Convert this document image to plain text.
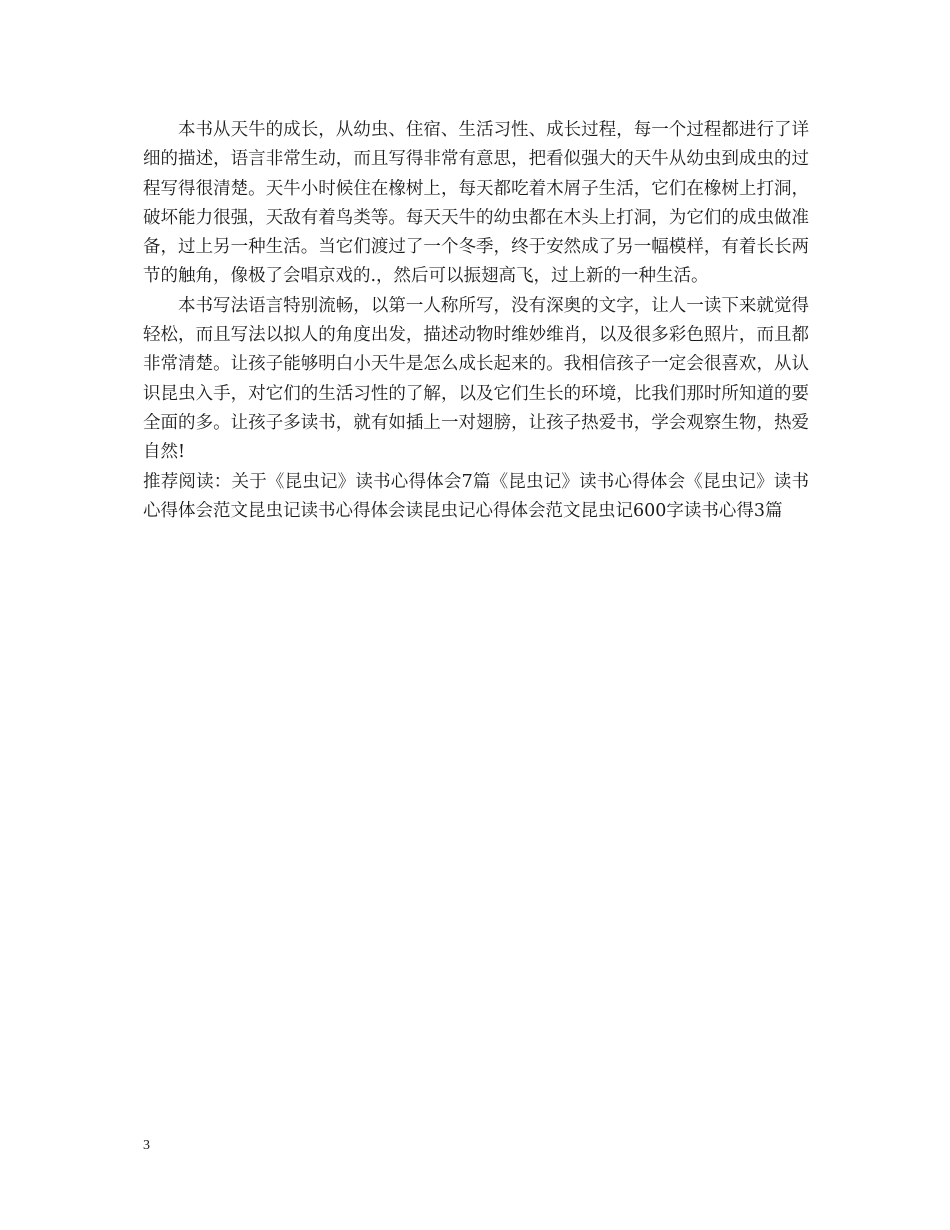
本书从天牛的成长，从幼虫、住宿、生活习性、成长过程，每一个过程都进行了详细的描述，语言非常生动，而且写得非常有意思，把看似强大的天牛从幼虫到成虫的过程写得很清楚。天牛小时候住在橡树上，每天都吃着木屑子生活，它们在橡树上打洞，破坏能力很强，天敌有着鸟类等。每天天牛的幼虫都在木头上打洞，为它们的成虫做准备，过上另一种生活。当它们渡过了一个冬季，终于安然成了另一幅模样，有着长长两节的触角，像极了会唱京戏的.，然后可以振翅高飞，过上新的一种生活。

本书写法语言特别流畅，以第一人称所写，没有深奥的文字，让人一读下来就觉得轻松，而且写法以拟人的角度出发，描述动物时维妙维肖，以及很多彩色照片，而且都非常清楚。让孩子能够明白小天牛是怎么成长起来的。我相信孩子一定会很喜欢，从认识昆虫入手，对它们的生活习性的了解，以及它们生长的环境，比我们那时所知道的要全面的多。让孩子多读书，就有如插上一对翅膀，让孩子热爱书，学会观察生物，热爱自然!

推荐阅读：关于《昆虫记》读书心得体会7篇《昆虫记》读书心得体会《昆虫记》读书心得体会范文昆虫记读书心得体会读昆虫记心得体会范文昆虫记600字读书心得3篇

3
